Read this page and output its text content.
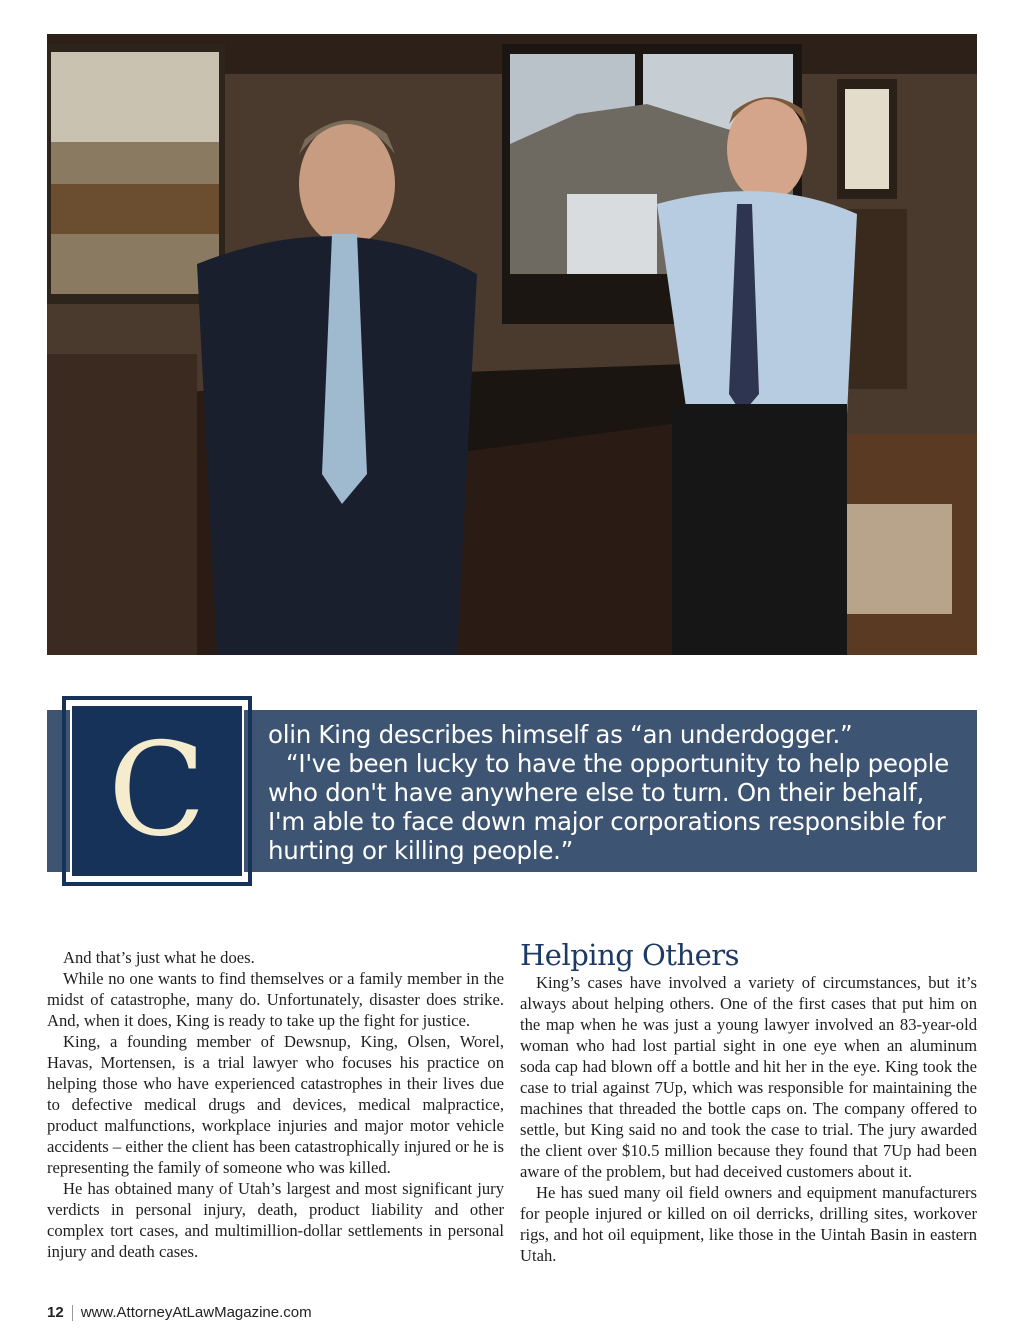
C	olin King describes himself as “an underdogger.”

“I've been lucky to have the opportunity to help people who don't have anywhere else to turn. On their behalf, I'm able to face down major corporations responsible for hurting or killing people.”

And that’s just what he does.

While no one wants to find themselves or a family member in the midst of catastrophe, many do. Unfortunately, disaster does strike. And, when it does, King is ready to take up the fight for justice.

King, a founding member of Dewsnup, King, Olsen, Worel, Havas, Mortensen, is a trial lawyer who focuses his practice on helping those who have experienced catastrophes in their lives due to defective medical drugs and devices, medical malpractice, product malfunctions, workplace injuries and major motor vehicle accidents – either the client has been catastrophically injured or he is representing the family of someone who was killed.

He has obtained many of Utah’s largest and most significant jury verdicts in personal injury, death, product liability and other complex tort cases, and multimillion-dollar settlements in personal injury and death cases.

Helping Others

King’s cases have involved a variety of circumstances, but it’s always about helping others. One of the first cases that put him on the map when he was just a young lawyer involved an 83-year-old woman who had lost partial sight in one eye when an aluminum soda cap had blown off a bottle and hit her in the eye. King took the case to trial against 7Up, which was responsible for maintaining the machines that threaded the bottle caps on. The company offered to settle, but King said no and took the case to trial. The jury awarded the client over $10.5 million because they found that 7Up had been aware of the problem, but had deceived customers about it.

He has sued many oil field owners and equipment manufacturers for people injured or killed on oil derricks, drilling sites, workover rigs, and hot oil equipment, like those in the Uintah Basin in eastern Utah.

12 www.AttorneyAtLawMagazine.com
